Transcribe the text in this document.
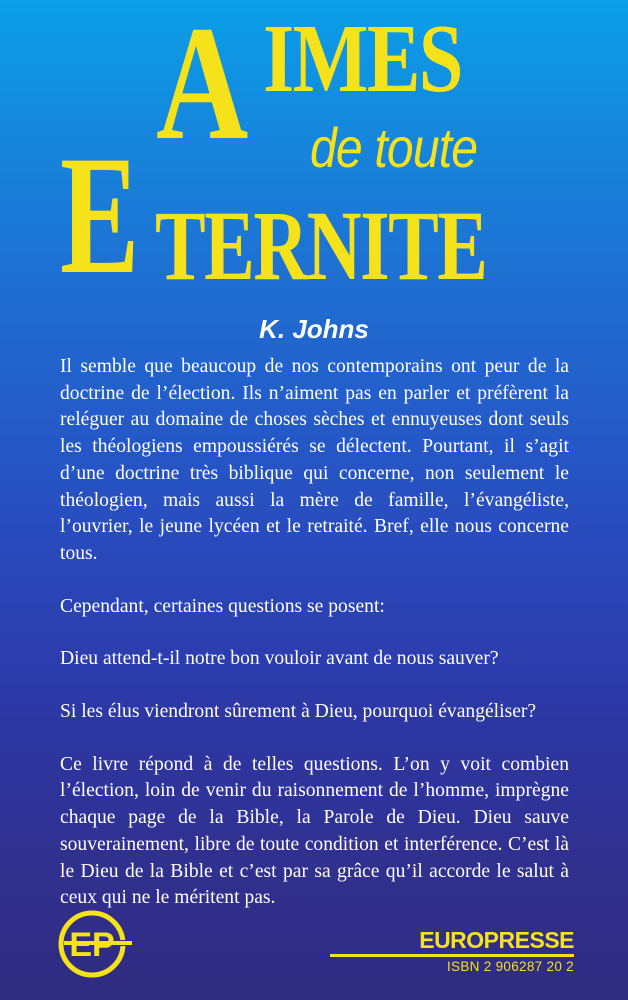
A IMES
de toute
E TERNITE
K. Johns

Il semble que beaucoup de nos contemporains ont peur de la doctrine de l’élection. Ils n’aiment pas en parler et préfèrent la reléguer au domaine de choses sèches et ennuyeuses dont seuls les théologiens empoussiérés se délectent. Pourtant, il s’agit d’une doctrine très biblique qui concerne, non seulement le théologien, mais aussi la mère de famille, l’évangéliste, l’ouvrier, le jeune lycéen et le retraité. Bref, elle nous concerne tous.

Cependant, certaines questions se posent:

Dieu attend-t-il notre bon vouloir avant de nous sauver?

Si les élus viendront sûrement à Dieu, pourquoi évangéliser?

Ce livre répond à de telles questions. L’on y voit combien l’élection, loin de venir du raisonnement de l’homme, imprègne chaque page de la Bible, la Parole de Dieu. Dieu sauve souverainement, libre de toute condition et interférence. C’est là le Dieu de la Bible et c’est par sa grâce qu’il accorde le salut à ceux qui ne le méritent pas.

EP	EUROPRESSE
ISBN 2 906287 20 2
